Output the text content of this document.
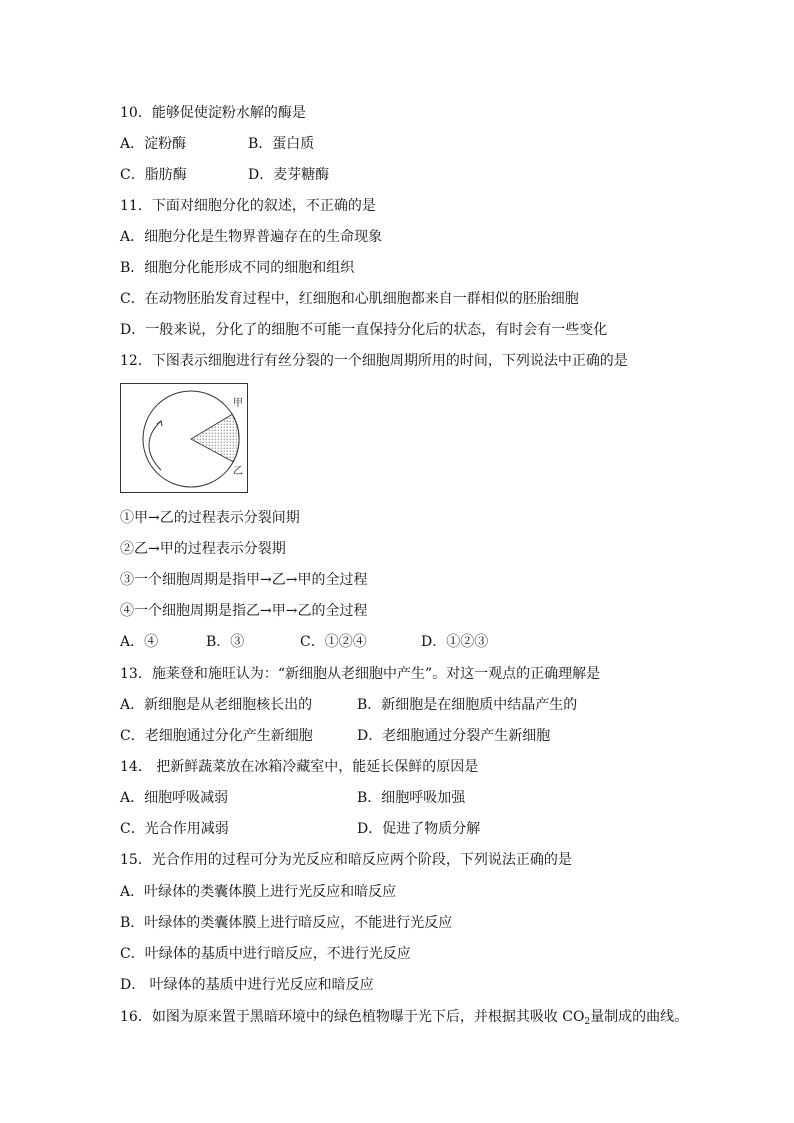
10．能够促使淀粉水解的酶是
A．淀粉酶	B．蛋白质
C．脂肪酶	D．麦芽糖酶
11．下面对细胞分化的叙述，不正确的是
A．细胞分化是生物界普遍存在的生命现象
B．细胞分化能形成不同的细胞和组织
C．在动物胚胎发育过程中，红细胞和心肌细胞都来自一群相似的胚胎细胞
D．一般来说，分化了的细胞不可能一直保持分化后的状态，有时会有一些变化
12．下图表示细胞进行有丝分裂的一个细胞周期所用的时间，下列说法中正确的是
甲
乙
①甲→乙的过程表示分裂间期
②乙→甲的过程表示分裂期
③一个细胞周期是指甲→乙→甲的全过程
④一个细胞周期是指乙→甲→乙的全过程
A．④	B．③	C．①②④	D．①②③
13．施莱登和施旺认为：“新细胞从老细胞中产生”。对这一观点的正确理解是
A．新细胞是从老细胞核长出的	B．新细胞是在细胞质中结晶产生的
C．老细胞通过分化产生新细胞	D．老细胞通过分裂产生新细胞
14． 把新鲜蔬菜放在冰箱冷藏室中，能延长保鲜的原因是
A．细胞呼吸减弱	B．细胞呼吸加强
C．光合作用减弱	D．促进了物质分解
15．光合作用的过程可分为光反应和暗反应两个阶段，下列说法正确的是
A．叶绿体的类囊体膜上进行光反应和暗反应
B．叶绿体的类囊体膜上进行暗反应，不能进行光反应
C．叶绿体的基质中进行暗反应，不进行光反应
D． 叶绿体的基质中进行光反应和暗反应
16．如图为原来置于黑暗环境中的绿色植物曝于光下后，并根据其吸收 $CO_2$量制成的曲线。
